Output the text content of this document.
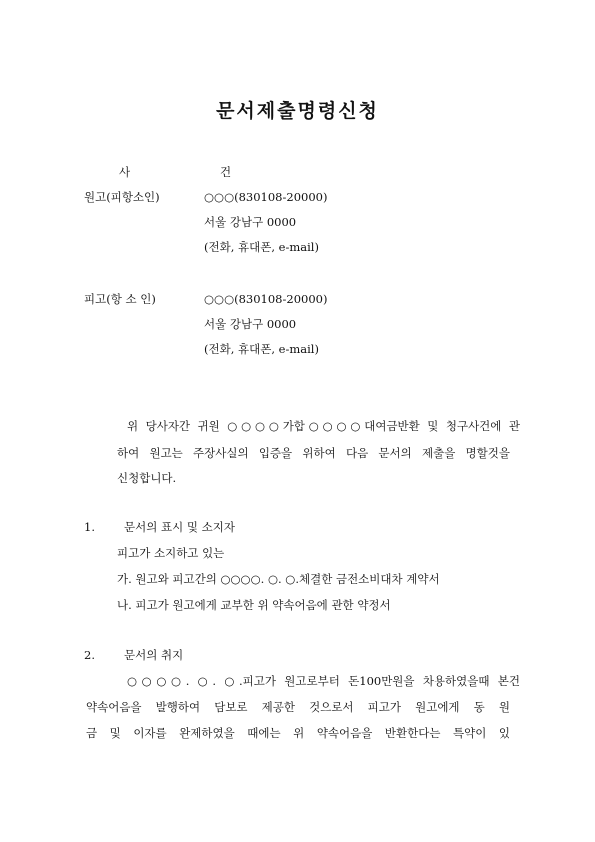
문서제출명령신청
사	건
원고(피항소인)	○○○(830108-20000)
서울 강남구 0000
(전화, 휴대폰, e-mail)
피고(항 소 인)	○○○(830108-20000)
서울 강남구 0000
(전화, 휴대폰, e-mail)
위 당사자간 귀원 ○○○○가합○○○○대여금반환 및 청구사건에 관
하여 원고는 주장사실의 입증을 위하여 다음 문서의 제출을 명할것을
신청합니다.
1.	문서의 표시 및 소지자
피고가 소지하고 있는
가. 원고와 피고간의 ○○○○. ○. ○.체결한 금전소비대차 계약서
나. 피고가 원고에게 교부한 위 약속어음에 관한 약정서
2.	문서의 취지
○○○○. ○. ○.피고가 원고로부터 돈100만원을 차용하였을때 본건
약속어음을 발행하여 담보로 제공한 것으로서 피고가 원고에게 동 원
금 및 이자를 완제하였을 때에는 위 약속어음을 반환한다는 특약이 있
